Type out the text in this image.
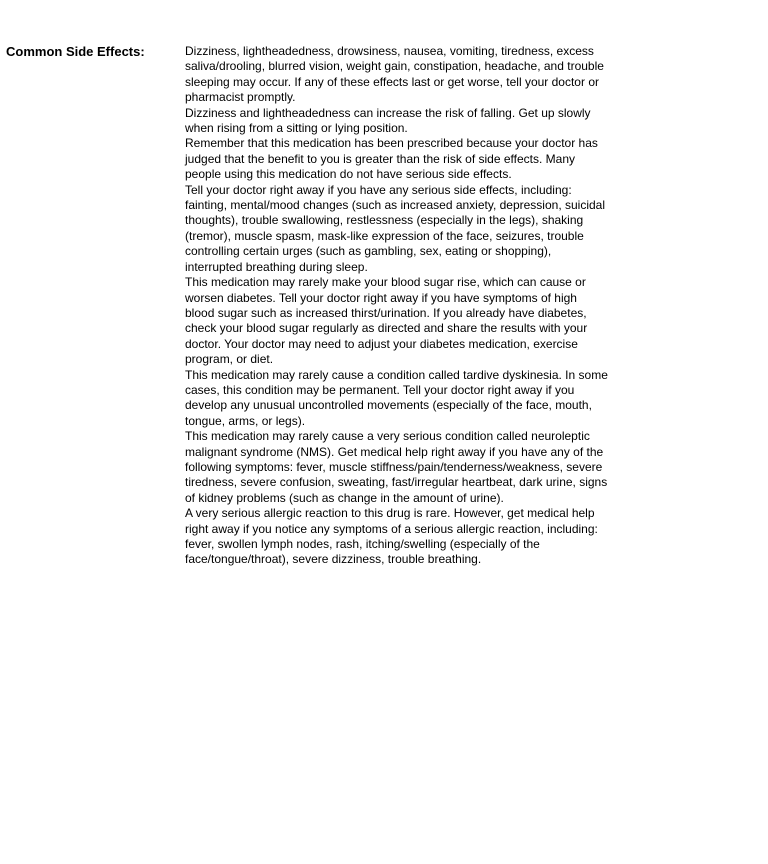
Common Side Effects:	Dizziness, lightheadedness, drowsiness, nausea, vomiting, tiredness, excess saliva/drooling, blurred vision, weight gain, constipation, headache, and trouble sleeping may occur. If any of these effects last or get worse, tell your doctor or pharmacist promptly.

Dizziness and lightheadedness can increase the risk of falling. Get up slowly when rising from a sitting or lying position.

Remember that this medication has been prescribed because your doctor has judged that the benefit to you is greater than the risk of side effects. Many people using this medication do not have serious side effects.

Tell your doctor right away if you have any serious side effects, including: fainting, mental/mood changes (such as increased anxiety, depression, suicidal thoughts), trouble swallowing, restlessness (especially in the legs), shaking (tremor), muscle spasm, mask-like expression of the face, seizures, trouble controlling certain urges (such as gambling, sex, eating or shopping), interrupted breathing during sleep.

This medication may rarely make your blood sugar rise, which can cause or worsen diabetes. Tell your doctor right away if you have symptoms of high blood sugar such as increased thirst/urination. If you already have diabetes, check your blood sugar regularly as directed and share the results with your doctor. Your doctor may need to adjust your diabetes medication, exercise program, or diet.

This medication may rarely cause a condition called tardive dyskinesia. In some cases, this condition may be permanent. Tell your doctor right away if you develop any unusual uncontrolled movements (especially of the face, mouth, tongue, arms, or legs).

This medication may rarely cause a very serious condition called neuroleptic malignant syndrome (NMS). Get medical help right away if you have any of the following symptoms: fever, muscle stiffness/pain/tenderness/weakness, severe tiredness, severe confusion, sweating, fast/irregular heartbeat, dark urine, signs of kidney problems (such as change in the amount of urine).

A very serious allergic reaction to this drug is rare. However, get medical help right away if you notice any symptoms of a serious allergic reaction, including: fever, swollen lymph nodes, rash, itching/swelling (especially of the face/tongue/throat), severe dizziness, trouble breathing.
